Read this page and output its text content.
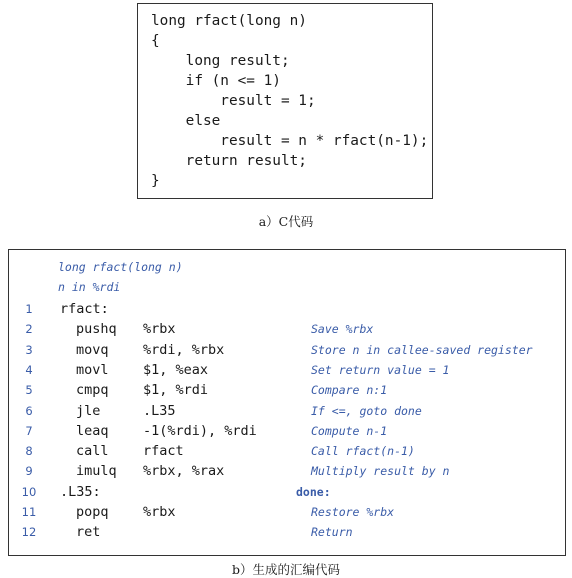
long rfact(long n)
{
long result;
if (n <= 1)
result = 1;
else
result = n * rfact(n-1);
return result;
}
a）C代码
long rfact(long n)
n in %rdi
1	rfact:
2	pushq %rbx	Save %rbx
3	movq	%rdi, %rbx	Store n in callee-saved register
4	movl	$1, %eax	Set return value = 1
5	cmpq	$1, %rdi	Compare n:1
6	jle	.L35	If <=, goto done
7	leaq	-1(%rdi), %rdi	Compute n-1
8	call	rfact	Call rfact(n-1)
9	imulq %rbx, %rax	Multiply result by n
10 .L35:	done:
11	popq	%rbx	Restore %rbx
12	ret	Return
b）生成的汇编代码
